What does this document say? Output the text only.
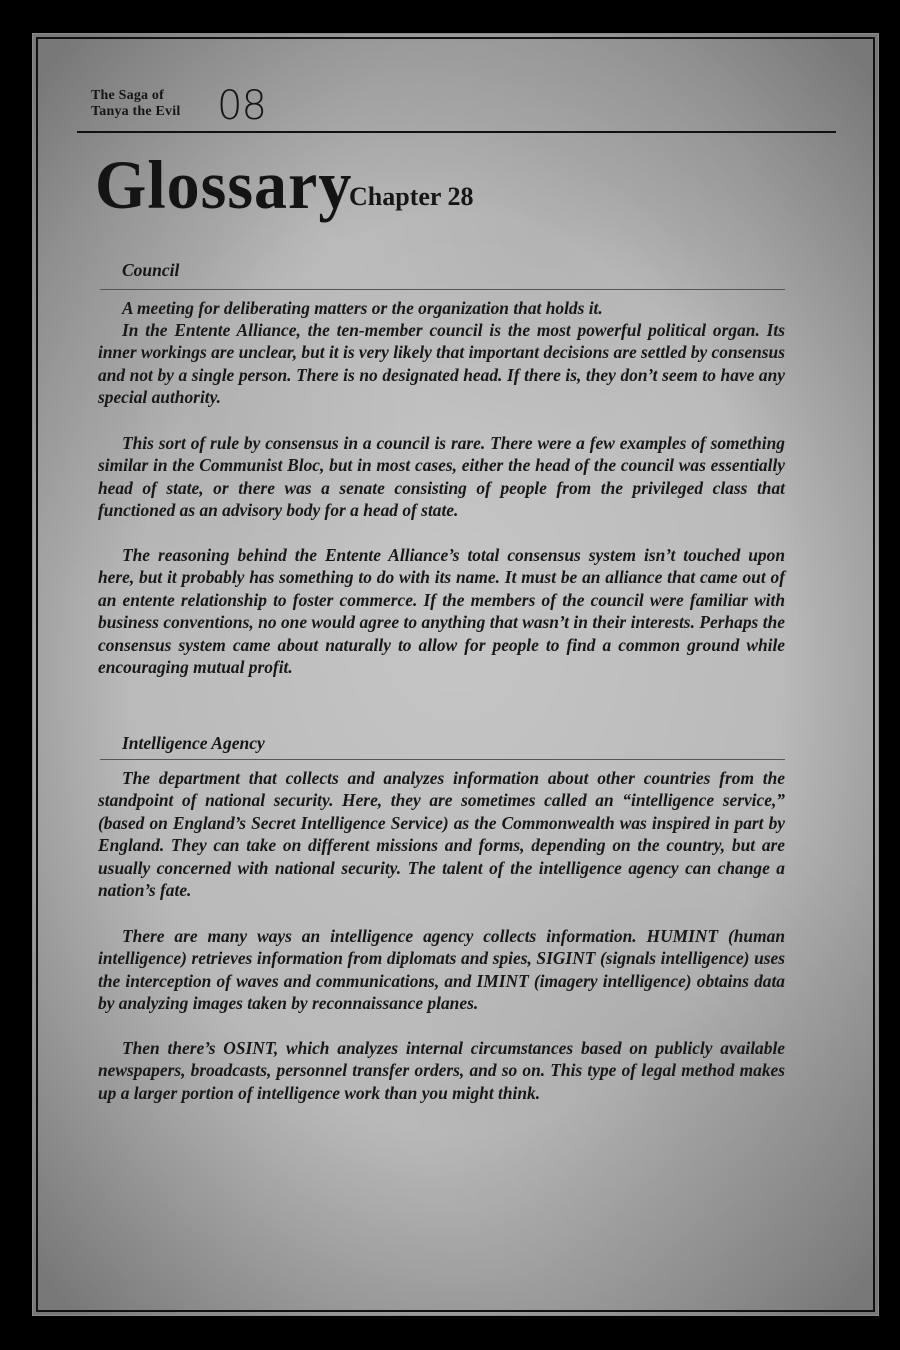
The Saga of
Tanya the Evil 08
Glossary
Chapter 28
Council

A meeting for deliberating matters or the organization that holds it.

In the Entente Alliance, the ten-member council is the most powerful political organ. Its inner workings are unclear, but it is very likely that important decisions are settled by consensus and not by a single person. There is no designated head. If there is, they don’t seem to have any special authority.

This sort of rule by consensus in a council is rare. There were a few examples of something similar in the Communist Bloc, but in most cases, either the head of the council was essentially head of state, or there was a senate consisting of people from the privileged class that functioned as an advisory body for a head of state.

The reasoning behind the Entente Alliance’s total consensus system isn’t touched upon here, but it probably has something to do with its name. It must be an alliance that came out of an entente relationship to foster commerce. If the members of the council were familiar with business conventions, no one would agree to anything that wasn’t in their interests. Perhaps the consensus system came about naturally to allow for people to find a common ground while encouraging mutual profit.

Intelligence Agency

The department that collects and analyzes information about other countries from the standpoint of national security. Here, they are sometimes called an “intelligence service,” (based on England’s Secret Intelligence Service) as the Commonwealth was inspired in part by England. They can take on different missions and forms, depending on the country, but are usually concerned with national security. The talent of the intelligence agency can change a nation’s fate.

There are many ways an intelligence agency collects information. HUMINT (human intelligence) retrieves information from diplomats and spies, SIGINT (signals intelligence) uses the interception of waves and communications, and IMINT (imagery intelligence) obtains data by analyzing images taken by reconnaissance planes.

Then there’s OSINT, which analyzes internal circumstances based on publicly available newspapers, broadcasts, personnel transfer orders, and so on. This type of legal method makes up a larger portion of intelligence work than you might think.
